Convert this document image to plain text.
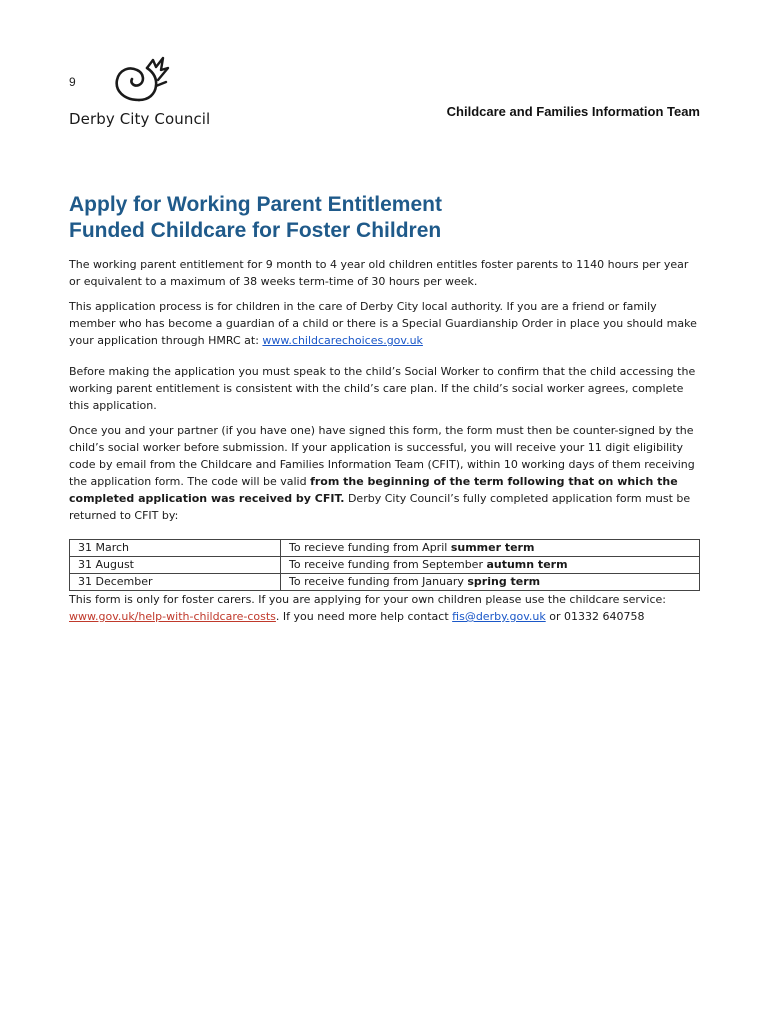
9
Derby City Council	Childcare and Families Information Team
Apply for Working Parent Entitlement
Funded Childcare for Foster Children

The working parent entitlement for 9 month to 4 year old children entitles foster parents to 1140 hours per year or equivalent to a maximum of 38 weeks term-time of 30 hours per week.

This application process is for children in the care of Derby City local authority. If you are a friend or family member who has become a guardian of a child or there is a Special Guardianship Order in place you should make your application through HMRC at: www.childcarechoices.gov.uk

Before making the application you must speak to the child’s Social Worker to confirm that the child accessing the working parent entitlement is consistent with the child’s care plan. If the child’s social worker agrees, complete this application.

Once you and your partner (if you have one) have signed this form, the form must then be counter-signed by the child’s social worker before submission. If your application is successful, you will receive your 11 digit eligibility code by email from the Childcare and Families Information Team (CFIT), within 10 working days of them receiving the application form. The code will be valid from the beginning of the term following that on which the completed application was received by CFIT. Derby City Council’s fully completed application form must be returned to CFIT by:

31 March	To recieve funding from April summer term
31 August	To receive funding from September autumn term
31 December	To receive funding from January spring term

This form is only for foster carers. If you are applying for your own children please use the childcare service: www.gov.uk/help-with-childcare-costs. If you need more help contact fis@derby.gov.uk or 01332 640758
